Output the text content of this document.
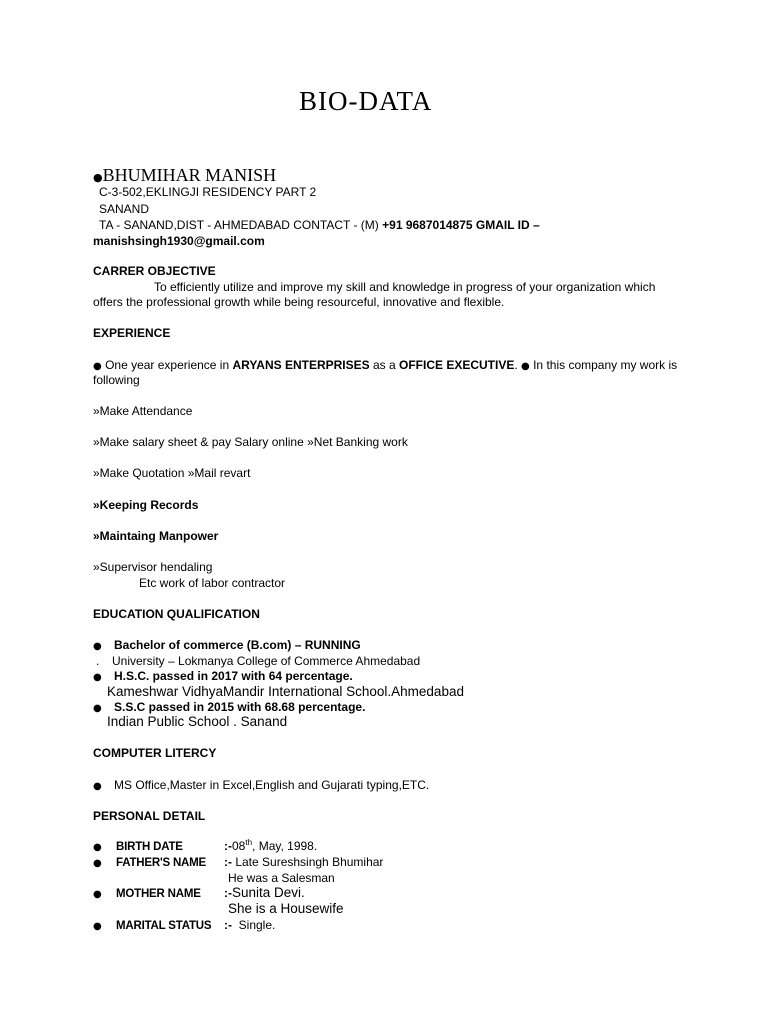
BIO-DATA
●BHUMIHAR MANISH
C-3-502,EKLINGJI RESIDENCY PART 2
SANAND
TA - SANAND,DIST - AHMEDABAD CONTACT - (M) +91 9687014875 GMAIL ID –
manishsingh1930@gmail.com
CARRER OBJECTIVE
To efficiently utilize and improve my skill and knowledge in progress of your organization which
offers the professional growth while being resourceful, innovative and flexible.
EXPERIENCE
● One year experience in ARYANS ENTERPRISES as a OFFICE EXECUTIVE. ● In this company my work is
following
»Make Attendance
»Make salary sheet & pay Salary online »Net Banking work
»Make Quotation »Mail revart
»Keeping Records
»Maintaing Manpower
»Supervisor hendaling
Etc work of labor contractor
EDUCATION QUALIFICATION
● Bachelor of commerce (B.com) – RUNNING
. University – Lokmanya College of Commerce Ahmedabad
● H.S.C. passed in 2017 with 64 percentage.
Kameshwar VidhyaMandir International School.Ahmedabad
● S.S.C passed in 2015 with 68.68 percentage.
Indian Public School . Sanand
COMPUTER LITERCY
● MS Office,Master in Excel,English and Gujarati typing,ETC.
PERSONAL DETAIL
● BIRTH DATE	:-08th, May, 1998.
● FATHER'S NAME :- Late Sureshsingh Bhumihar
He was a Salesman
● MOTHER NAME :-Sunita Devi.
She is a Housewife
● MARITAL STATUS :-  Single.
